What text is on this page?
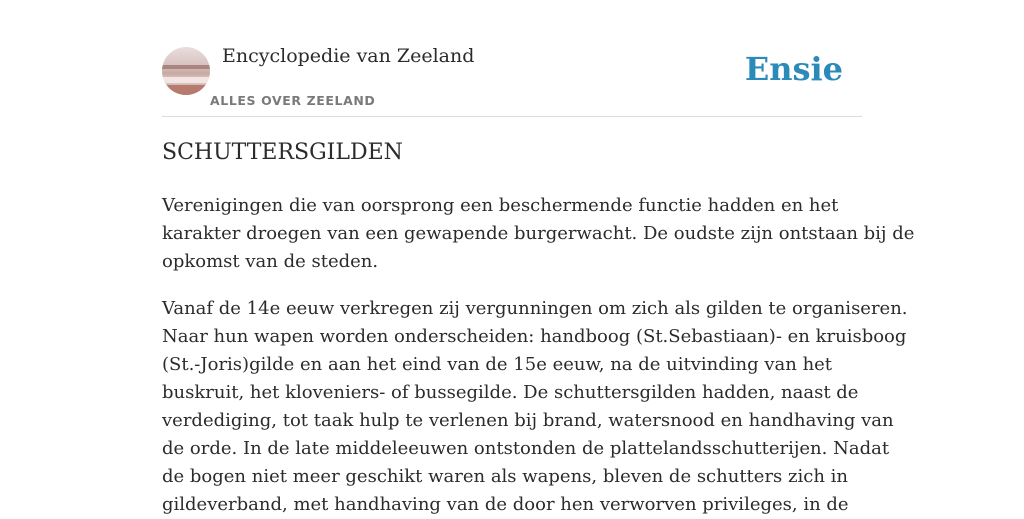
Encyclopedie van Zeeland
ALLES OVER ZEELAND
Ensie
SCHUTTERSGILDEN

Verenigingen die van oorsprong een beschermende functie hadden en het
karakter droegen van een gewapende burgerwacht. De oudste zijn ontstaan bij de
opkomst van de steden.

Vanaf de 14e eeuw verkregen zij vergunningen om zich als gilden te organiseren.
Naar hun wapen worden onderscheiden: handboog (St.Sebastiaan)- en kruisboog
(St.-Joris)gilde en aan het eind van de 15e eeuw, na de uitvinding van het
buskruit, het kloveniers- of bussegilde. De schuttersgilden hadden, naast de
verdediging, tot taak hulp te verlenen bij brand, watersnood en handhaving van
de orde. In de late middeleeuwen ontstonden de plattelandsschutterijen. Nadat
de bogen niet meer geschikt waren als wapens, bleven de schutters zich in
gildeverband, met handhaving van de door hen verworven privileges, in de
